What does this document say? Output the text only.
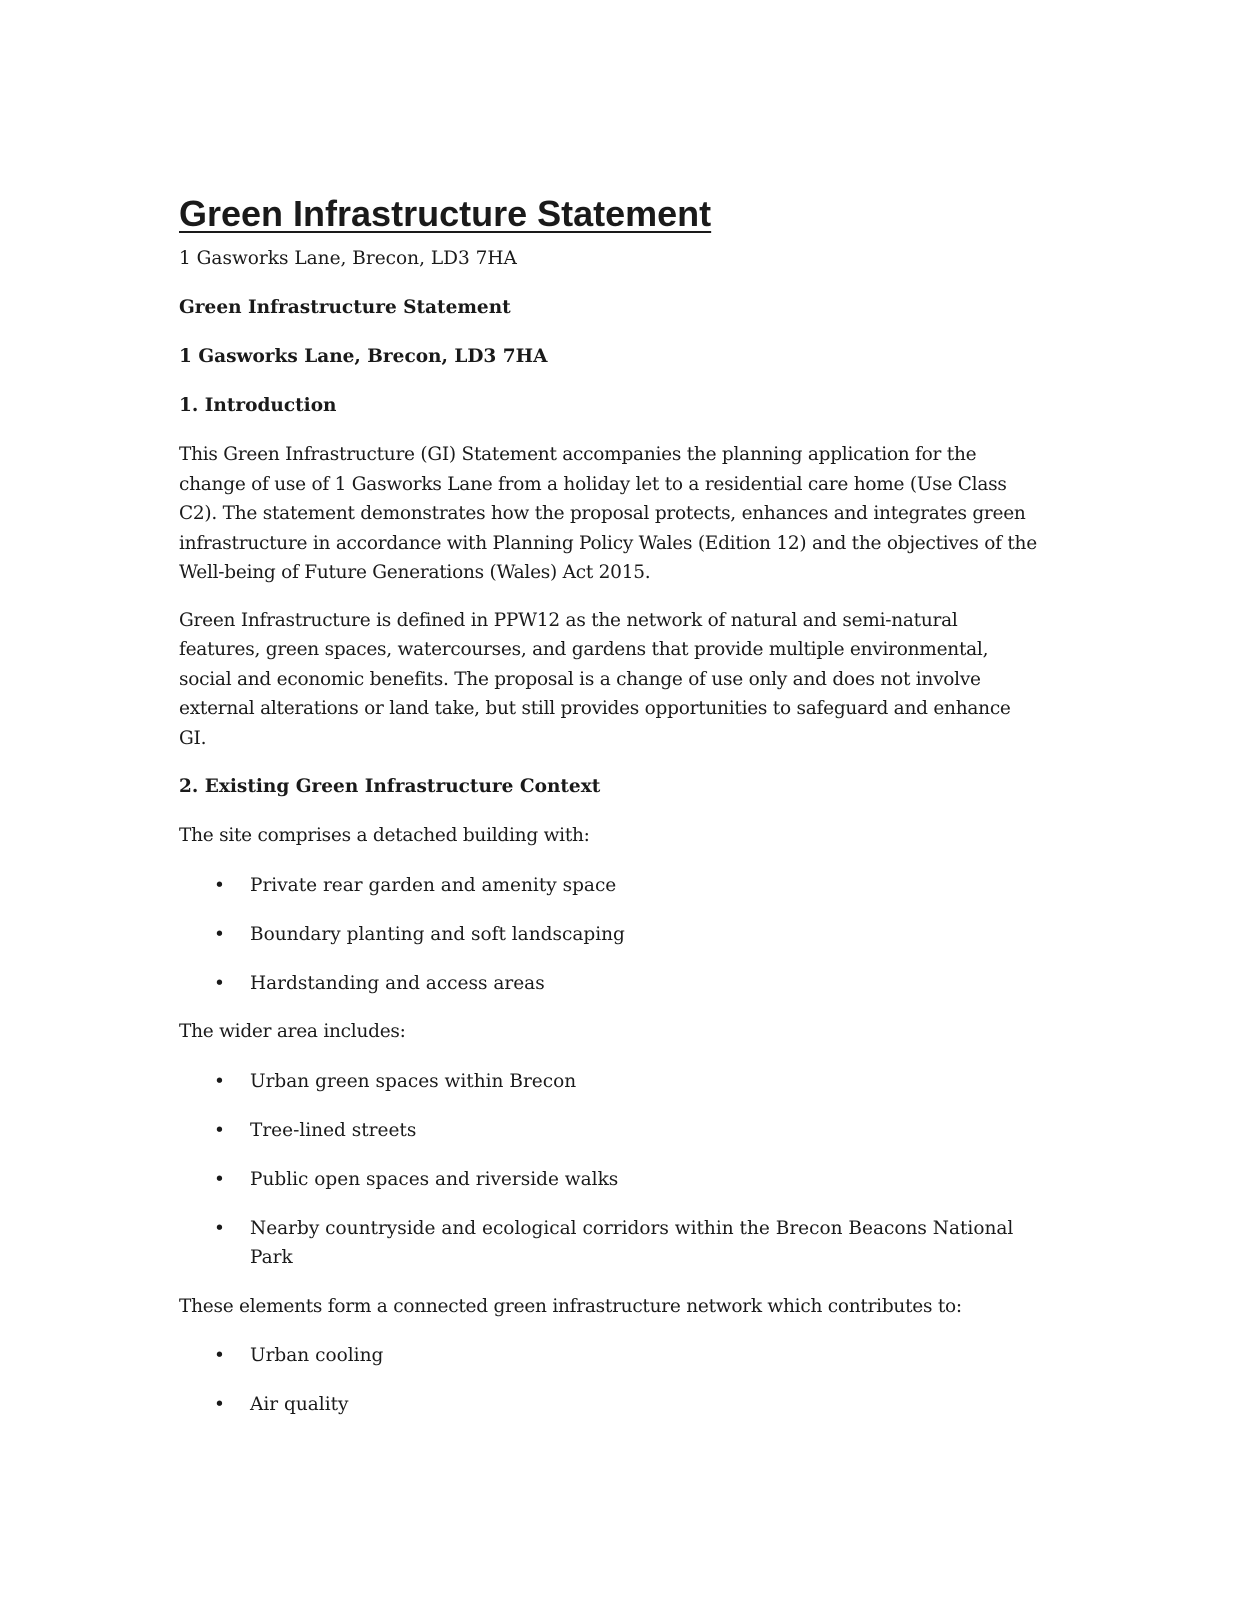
Green Infrastructure Statement

1 Gasworks Lane, Brecon, LD3 7HA

Green Infrastructure Statement

1 Gasworks Lane, Brecon, LD3 7HA

1. Introduction

This Green Infrastructure (GI) Statement accompanies the planning application for the change of use of 1 Gasworks Lane from a holiday let to a residential care home (Use Class C2). The statement demonstrates how the proposal protects, enhances and integrates green infrastructure in accordance with Planning Policy Wales (Edition 12) and the objectives of the Well-being of Future Generations (Wales) Act 2015.

Green Infrastructure is defined in PPW12 as the network of natural and semi-natural features, green spaces, watercourses, and gardens that provide multiple environmental, social and economic benefits. The proposal is a change of use only and does not involve external alterations or land take, but still provides opportunities to safeguard and enhance GI.

2. Existing Green Infrastructure Context

The site comprises a detached building with:

• Private rear garden and amenity space
• Boundary planting and soft landscaping
• Hardstanding and access areas

The wider area includes:

• Urban green spaces within Brecon
• Tree-lined streets
• Public open spaces and riverside walks
• Nearby countryside and ecological corridors within the Brecon Beacons National Park

These elements form a connected green infrastructure network which contributes to:

• Urban cooling
• Air quality
